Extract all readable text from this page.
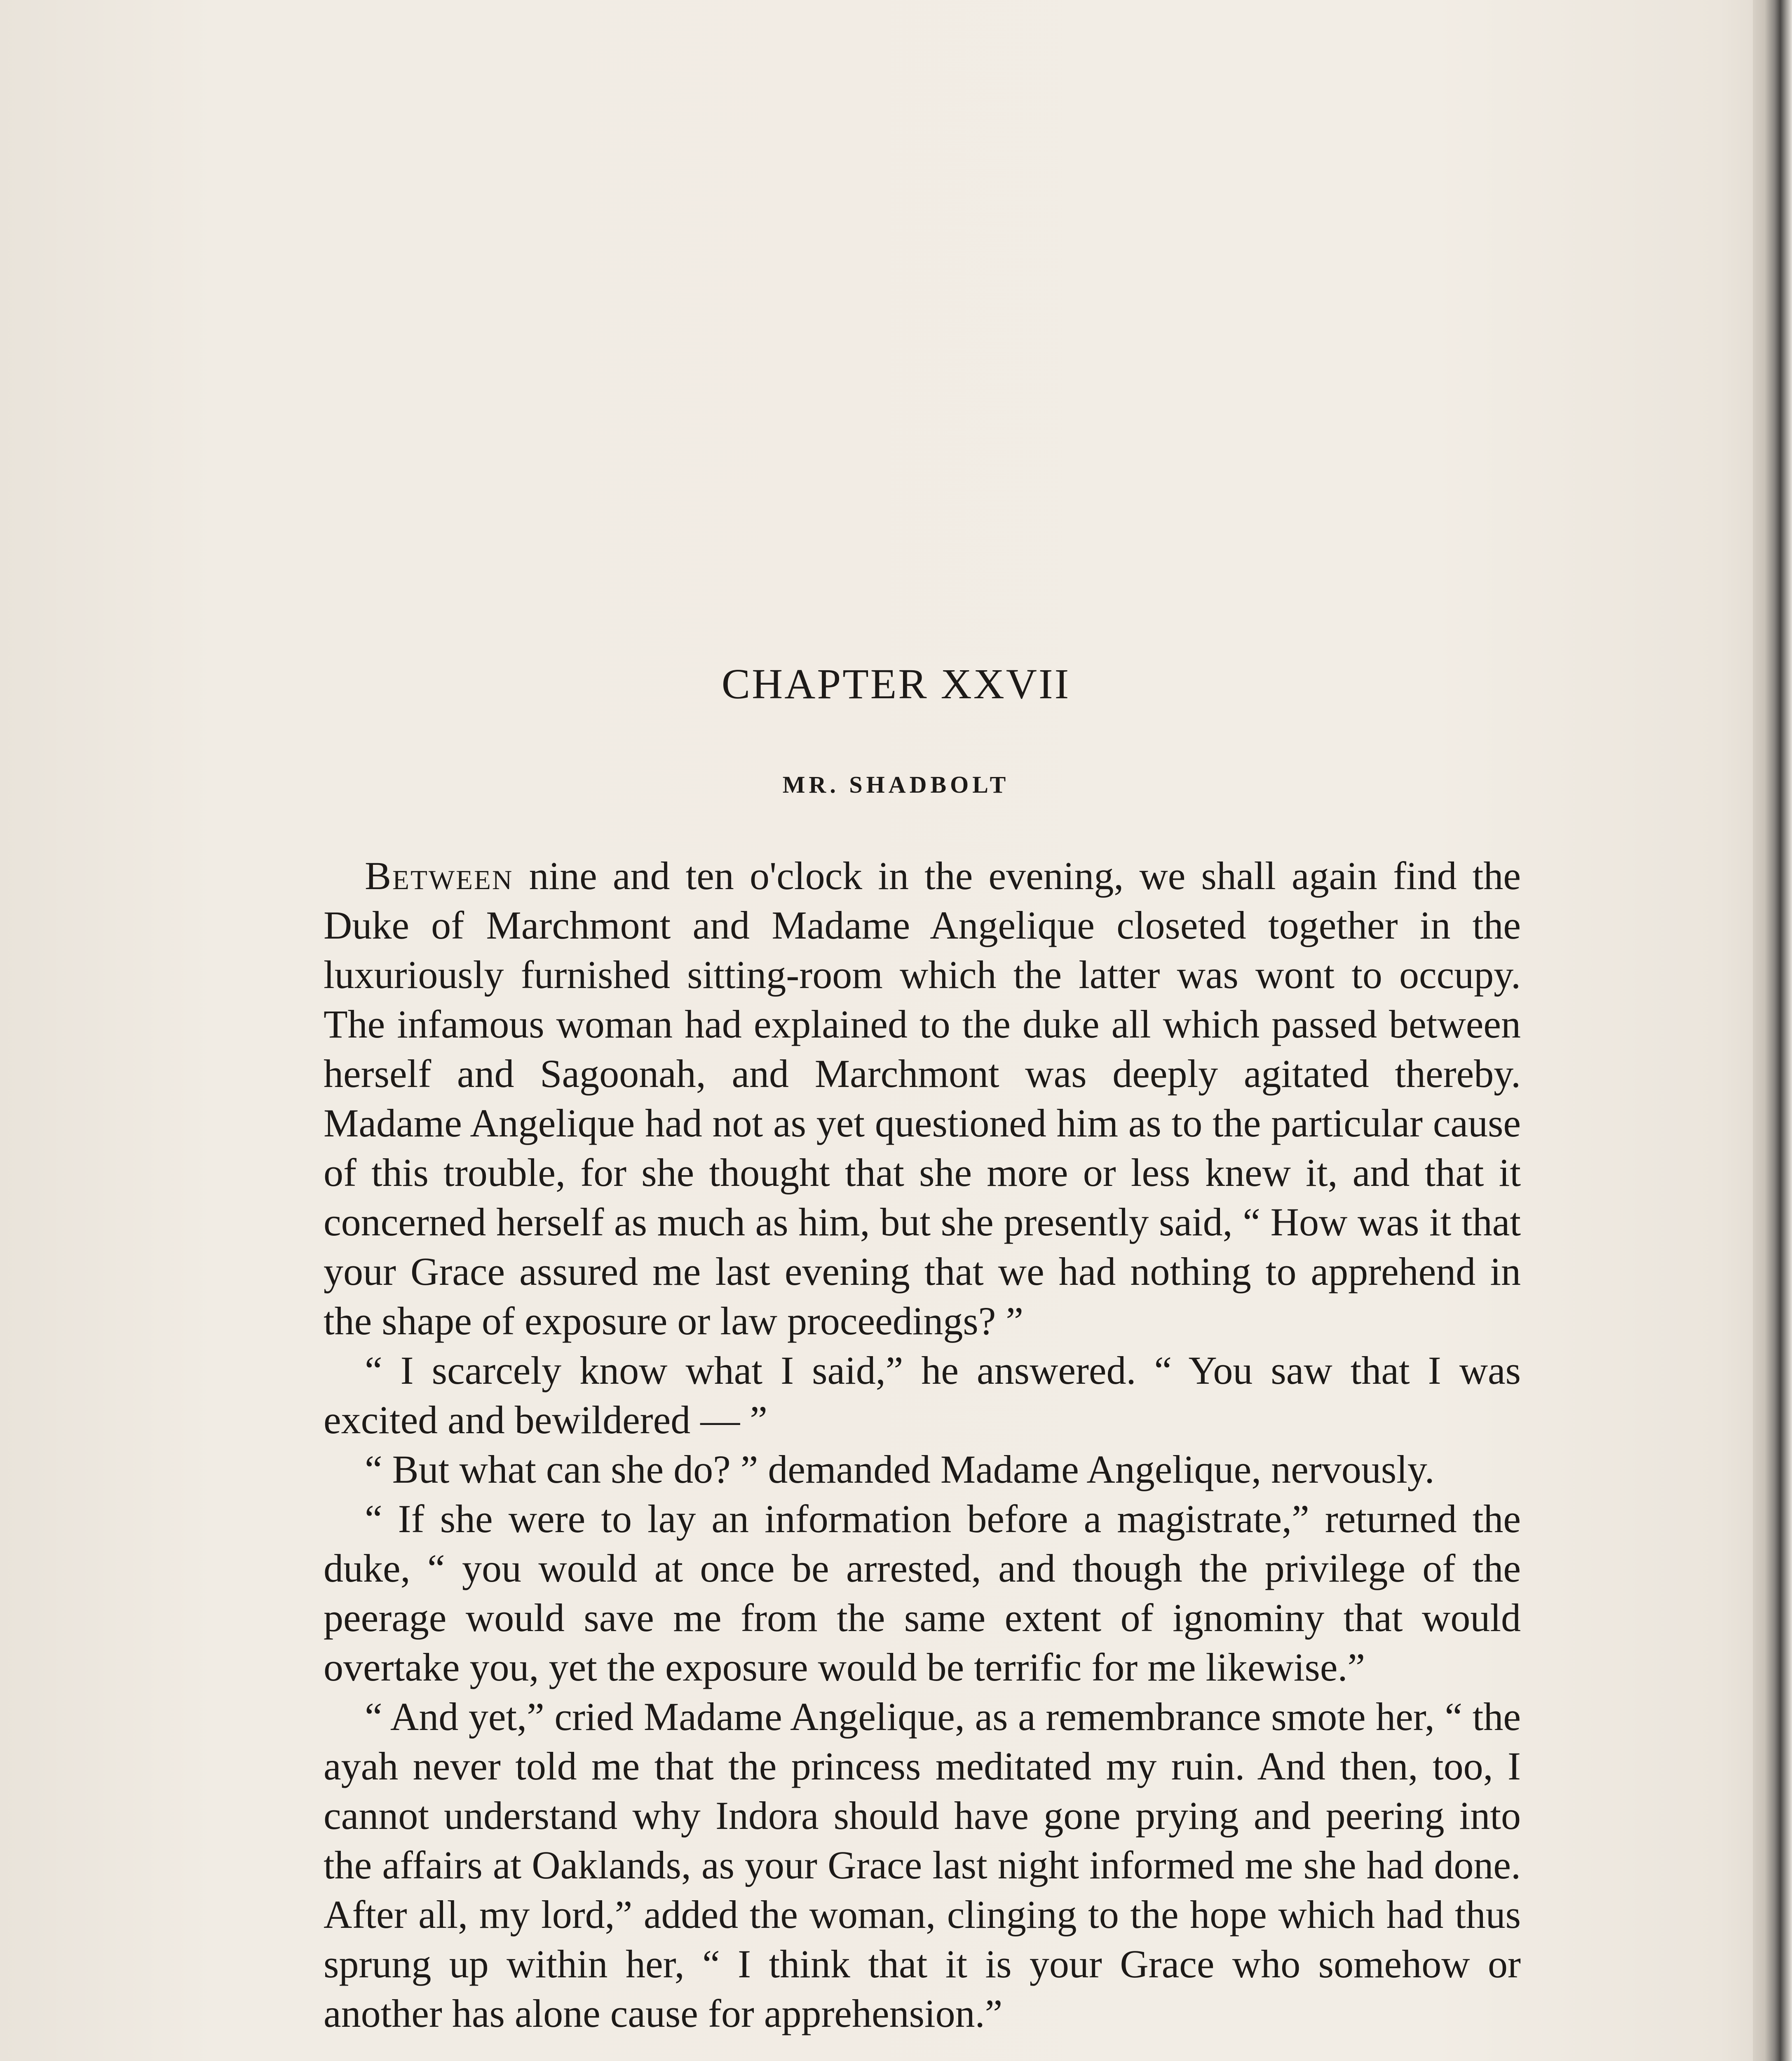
CHAPTER XXVII
MR. SHADBOLT

Between nine and ten o'clock in the evening, we shall again find the Duke of Marchmont and Madame Angelique closeted together in the luxuriously furnished sitting-room which the latter was wont to occupy. The infamous woman had explained to the duke all which passed between herself and Sagoonah, and Marchmont was deeply agitated thereby. Madame Angelique had not as yet questioned him as to the particular cause of this trouble, for she thought that she more or less knew it, and that it concerned herself as much as him, but she presently said, “ How was it that your Grace assured me last evening that we had nothing to apprehend in the shape of exposure or law proceedings? ”

“ I scarcely know what I said,” he answered. “ You saw that I was excited and bewildered — ”

“ But what can she do? ” demanded Madame Angelique, nervously.

“ If she were to lay an information before a magistrate,” returned the duke, “ you would at once be arrested, and though the privilege of the peerage would save me from the same extent of ignominy that would overtake you, yet the exposure would be terrific for me likewise.”

“ And yet,” cried Madame Angelique, as a remembrance smote her, “ the ayah never told me that the princess meditated my ruin. And then, too, I cannot understand why Indora should have gone prying and peering into the affairs at Oaklands, as your Grace last night informed me she had done. After all, my lord,” added the woman, clinging to the hope which had thus sprung up within her, “ I think that it is your Grace who somehow or another has alone cause for apprehension.”
